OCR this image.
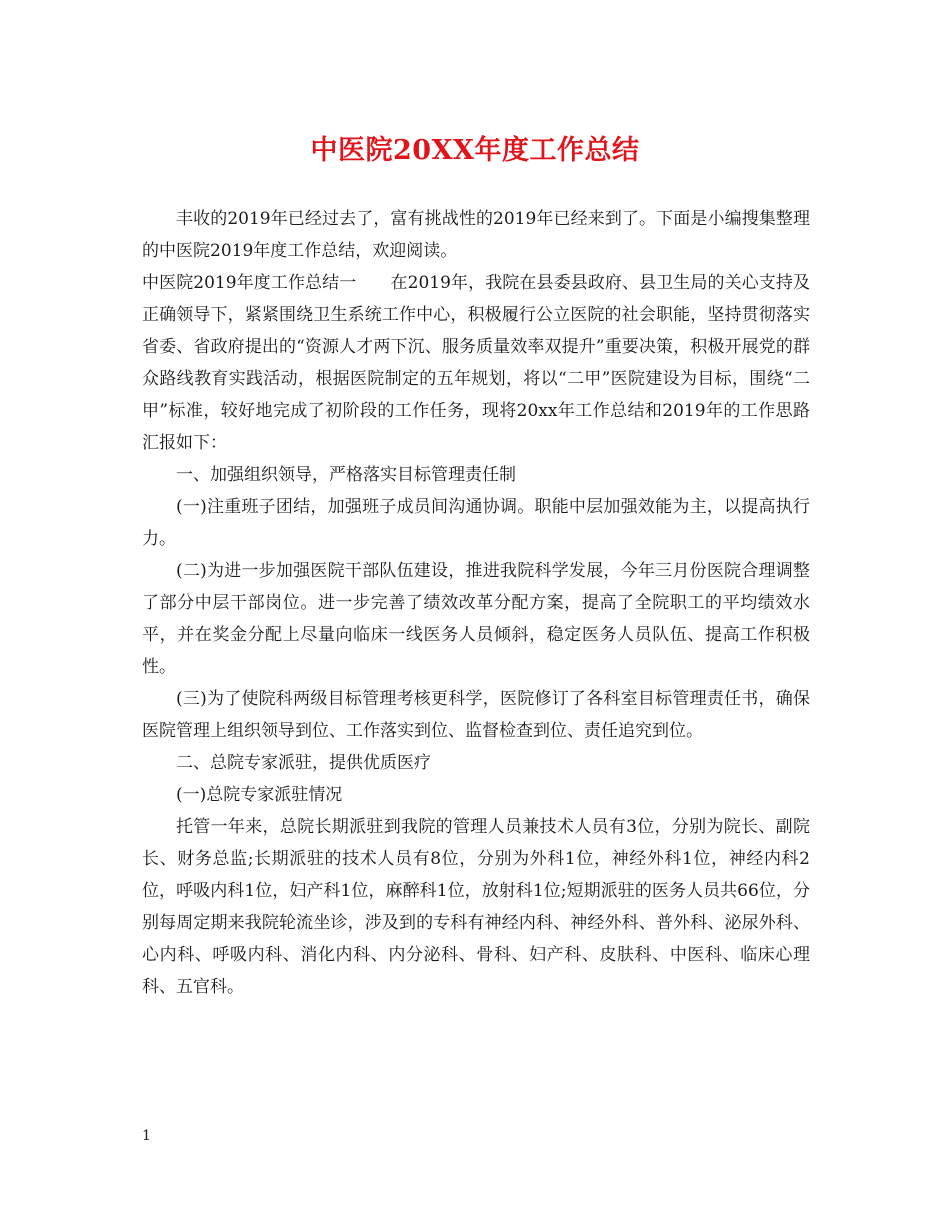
中医院20XX年度工作总结

丰收的2019年已经过去了，富有挑战性的2019年已经来到了。下面是小编搜集整理的中医院2019年度工作总结，欢迎阅读。

中医院2019年度工作总结一　　在2019年，我院在县委县政府、县卫生局的关心支持及正确领导下，紧紧围绕卫生系统工作中心，积极履行公立医院的社会职能，坚持贯彻落实省委、省政府提出的“资源人才两下沉、服务质量效率双提升”重要决策，积极开展党的群众路线教育实践活动，根据医院制定的五年规划，将以“二甲”医院建设为目标，围绕“二甲”标准，较好地完成了初阶段的工作任务，现将20xx年工作总结和2019年的工作思路汇报如下：

一、加强组织领导，严格落实目标管理责任制

(一)注重班子团结，加强班子成员间沟通协调。职能中层加强效能为主，以提高执行力。

(二)为进一步加强医院干部队伍建设，推进我院科学发展，今年三月份医院合理调整了部分中层干部岗位。进一步完善了绩效改革分配方案，提高了全院职工的平均绩效水平，并在奖金分配上尽量向临床一线医务人员倾斜，稳定医务人员队伍、提高工作积极性。

(三)为了使院科两级目标管理考核更科学，医院修订了各科室目标管理责任书，确保医院管理上组织领导到位、工作落实到位、监督检查到位、责任追究到位。

二、总院专家派驻，提供优质医疗

(一)总院专家派驻情况

托管一年来，总院长期派驻到我院的管理人员兼技术人员有3位，分别为院长、副院长、财务总监;长期派驻的技术人员有8位，分别为外科1位，神经外科1位，神经内科2位，呼吸内科1位，妇产科1位，麻醉科1位，放射科1位;短期派驻的医务人员共66位，分别每周定期来我院轮流坐诊，涉及到的专科有神经内科、神经外科、普外科、泌尿外科、心内科、呼吸内科、消化内科、内分泌科、骨科、妇产科、皮肤科、中医科、临床心理科、五官科。

1
